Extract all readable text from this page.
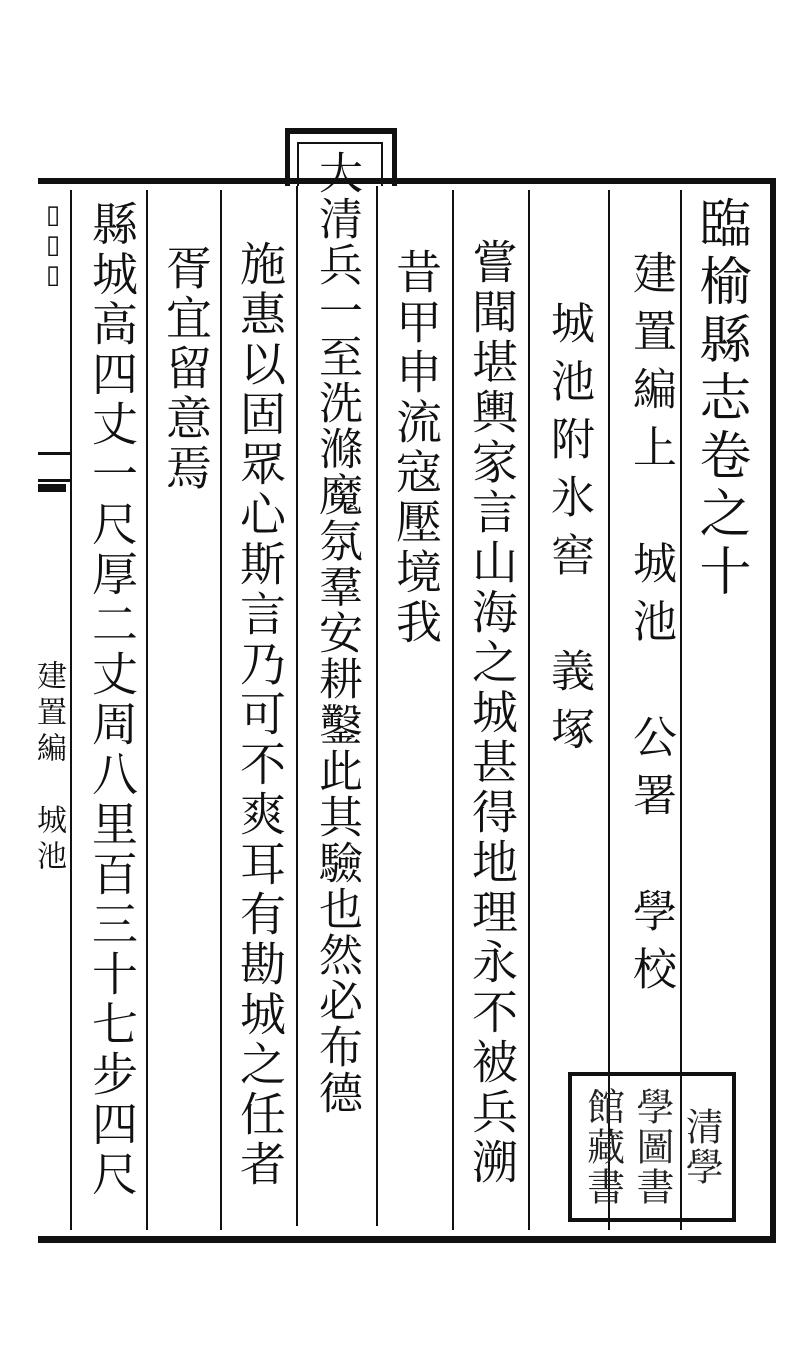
▯
▯
▯
建置編　城池
臨榆縣志卷之十
建置編上　城池　公署　學校
城池附氷窖　義塚
嘗聞堪輿家言山海之城甚得地理永不被兵溯
昔甲申流寇壓境我
大清兵一至洗滌魔氛羣安耕鑿此其驗也然必布德
施惠以固眾心斯言乃可不爽耳有勘城之任者
胥宜留意焉
縣城高四丈一尺厚二丈周八里百三十七步四尺	清學
學圖書
館藏書
